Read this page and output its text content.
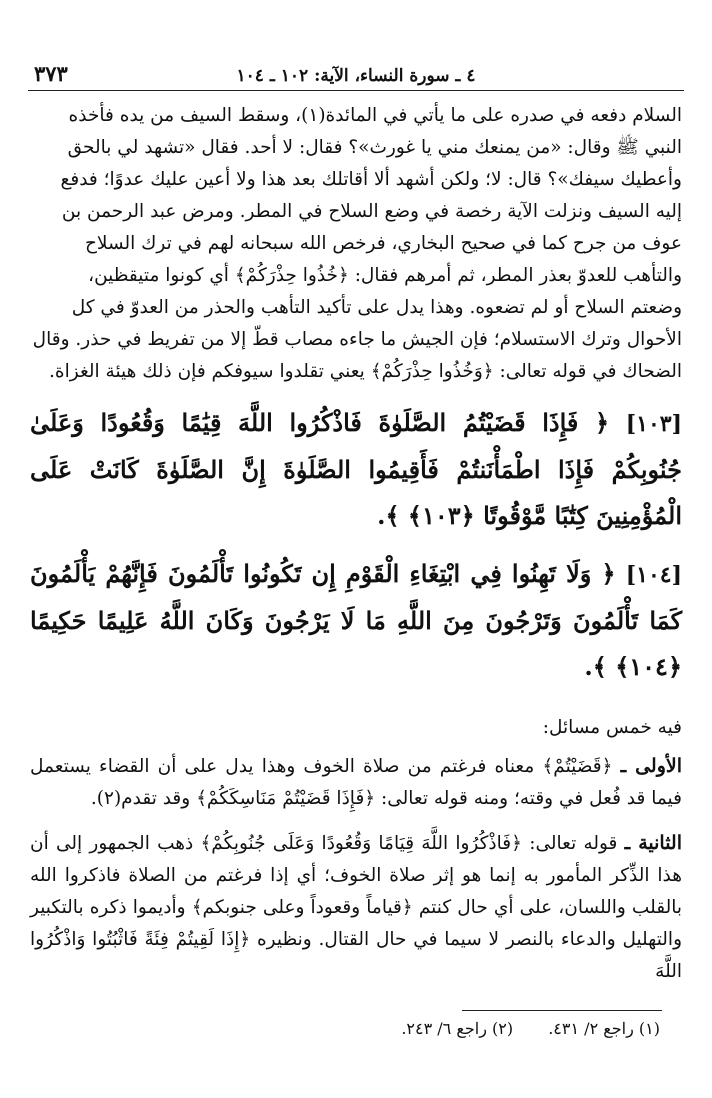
٤ ـ سورة النساء، الآية: ١٠٢ ـ ١٠٤
٣٧٣

السلام دفعه في صدره على ما يأتي في المائدة(١)، وسقط السيف من يده فأخذه

النبي ﷺ وقال: «من يمنعك مني يا غورث»؟ فقال: لا أحد. فقال «تشهد لي بالحق

وأعطيك سيفك»؟ قال: لا؛ ولكن أشهد ألا أقاتلك بعد هذا ولا أعين عليك عدوًا؛ فدفع

إليه السيف ونزلت الآية رخصة في وضع السلاح في المطر. ومرض عبد الرحمن بن

عوف من جرح كما في صحيح البخاري، فرخص الله سبحانه لهم في ترك السلاح

والتأهب للعدوّ بعذر المطر، ثم أمرهم فقال: ﴿خُذُوا حِذْرَكُمْ﴾ أي كونوا متيقظين،

وضعتم السلاح أو لم تضعوه. وهذا يدل على تأكيد التأهب والحذر من العدوّ في كل

الأحوال وترك الاستسلام؛ فإن الجيش ما جاءه مصاب قطّ إلا من تفريط في حذر. وقال

الضحاك في قوله تعالى: ﴿وَخُذُوا حِذْرَكُمْ﴾ يعني تقلدوا سيوفكم فإن ذلك هيئة الغزاة.

[١٠٣] ﴿ فَإِذَا قَضَيْتُمُ الصَّلَوٰةَ فَاذْكُرُوا اللَّهَ قِيَٰمًا وَقُعُودًا وَعَلَىٰ جُنُوبِكُمْ فَإِذَا اطْمَأْنَنتُمْ فَأَقِيمُوا الصَّلَوٰةَ إِنَّ الصَّلَوٰةَ كَانَتْ عَلَى الْمُؤْمِنِينَ كِتَٰبًا مَّوْقُوتًا ﴿١٠٣﴾ ﴾.
[١٠٤] ﴿ وَلَا تَهِنُوا فِي ابْتِغَاءِ الْقَوْمِ إِن تَكُونُوا تَأْلَمُونَ فَإِنَّهُمْ يَأْلَمُونَ كَمَا تَأْلَمُونَ وَتَرْجُونَ مِنَ اللَّهِ مَا لَا يَرْجُونَ وَكَانَ اللَّهُ عَلِيمًا حَكِيمًا ﴿١٠٤﴾ ﴾.
فيه خمس مسائل:
الأولى ـ ﴿قَضَيْتُمْ﴾ معناه فرغتم من صلاة الخوف وهذا يدل على أن القضاء يستعمل فيما قد فُعل في وقته؛ ومنه قوله تعالى: ﴿فَإِذَا قَضَيْتُمْ مَنَاسِكَكُمْ﴾ وقد تقدم(٢).
الثانية ـ قوله تعالى: ﴿فَاذْكُرُوا اللَّهَ قِيَامًا وَقُعُودًا وَعَلَى جُنُوبِكُمْ﴾ ذهب الجمهور إلى أن هذا الذِّكر المأمور به إنما هو إثر صلاة الخوف؛ أي إذا فرغتم من الصلاة فاذكروا الله بالقلب واللسان، على أي حال كنتم ﴿قياماً وقعوداً وعلى جنوبكم﴾ وأديموا ذكره بالتكبير والتهليل والدعاء بالنصر لا سيما في حال القتال. ونظيره ﴿إِذَا لَقِيتُمْ فِئَةً فَاثْبُتُوا وَاذْكُرُوا اللَّهَ
(١) راجع ٢/ ٤٣١. (٢) راجع ٦/ ٢٤٣.
